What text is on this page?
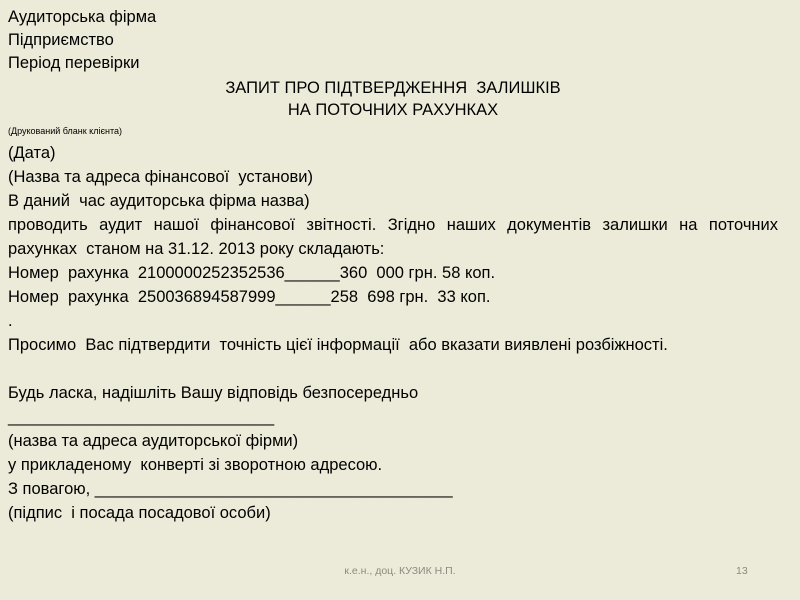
Аудиторська фірма

Підприємство

Період перевірки

ЗАПИТ ПРО ПІДТВЕРДЖЕННЯ  ЗАЛИШКІВ

НА ПОТОЧНИХ РАХУНКАХ

(Друкований бланк клієнта)

(Дата)

(Назва та адреса фінансової  установи)

В даний  час аудиторська фірма назва)

проводить аудит нашої фінансової звітності. Згідно наших документів залишки на поточних  рахунках  станом на 31.12. 2013 року складають:

Номер  рахунка  2100000252352536______360  000 грн. 58 коп.

Номер  рахунка  250036894587999______258  698 грн.  33 коп.

.

Просимо  Вас підтвердити  точність цієї інформації  або вказати виявлені розбіжності.

Будь ласка, надішліть Вашу відповідь безпосередньо

_____________________________

(назва та адреса аудиторської фірми)

у прикладеному  конверті зі зворотною адресою.

З повагою, _______________________________________

(підпис  і посада посадової особи)

к.е.н., доц. КУЗИК Н.П.	13
